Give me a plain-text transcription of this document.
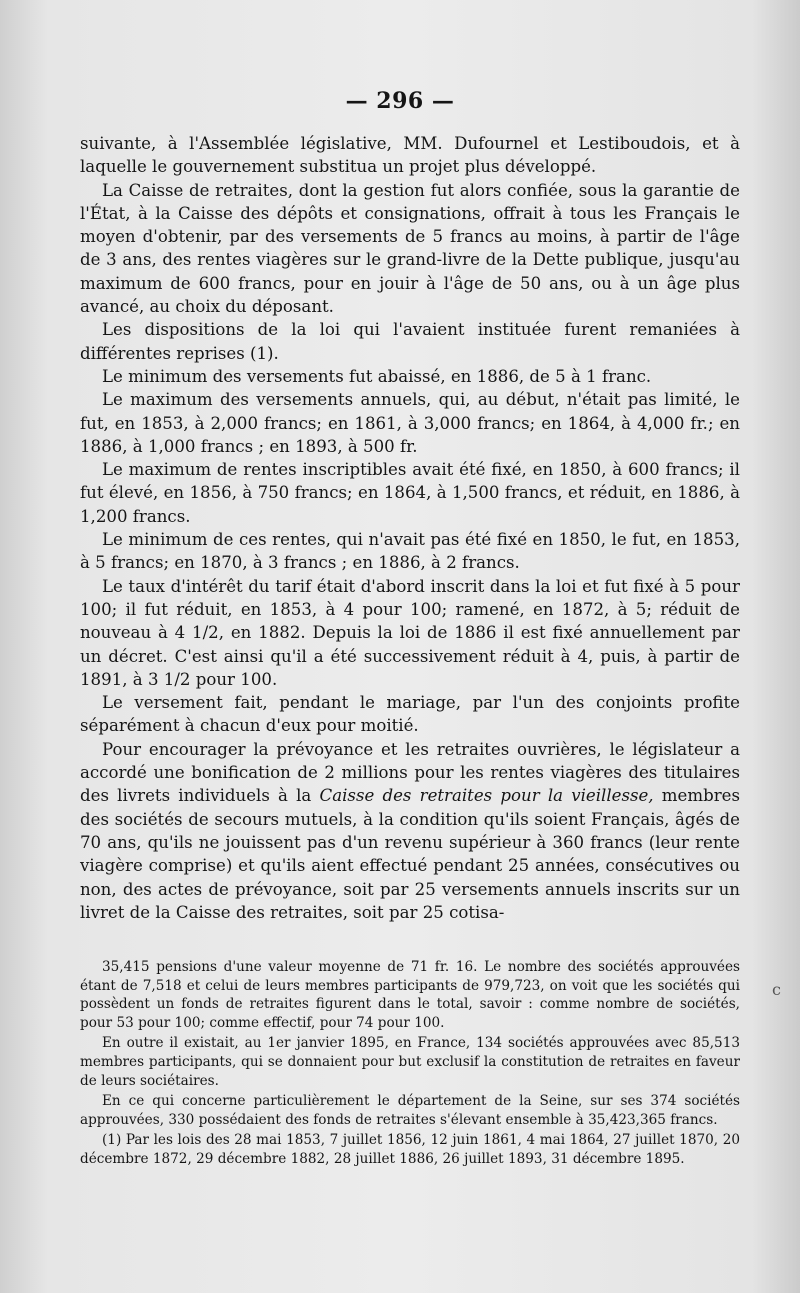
— 296 —

suivante, à l'Assemblée législative, MM. Dufournel et Lestiboudois, et à laquelle le gouvernement substitua un projet plus développé.

La Caisse de retraites, dont la gestion fut alors confiée, sous la garantie de l'État, à la Caisse des dépôts et consignations, offrait à tous les Français le moyen d'obtenir, par des versements de 5 francs au moins, à partir de l'âge de 3 ans, des rentes viagères sur le grand-livre de la Dette publique, jusqu'au maximum de 600 francs, pour en jouir à l'âge de 50 ans, ou à un âge plus avancé, au choix du déposant.

Les dispositions de la loi qui l'avaient instituée furent remaniées à différentes reprises (1).

Le minimum des versements fut abaissé, en 1886, de 5 à 1 franc.

Le maximum des versements annuels, qui, au début, n'était pas limité, le fut, en 1853, à 2,000 francs; en 1861, à 3,000 francs; en 1864, à 4,000 fr.; en 1886, à 1,000 francs ; en 1893, à 500 fr.

Le maximum de rentes inscriptibles avait été fixé, en 1850, à 600 francs; il fut élevé, en 1856, à 750 francs; en 1864, à 1,500 francs, et réduit, en 1886, à 1,200 francs.

Le minimum de ces rentes, qui n'avait pas été fixé en 1850, le fut, en 1853, à 5 francs; en 1870, à 3 francs ; en 1886, à 2 francs.

Le taux d'intérêt du tarif était d'abord inscrit dans la loi et fut fixé à 5 pour 100; il fut réduit, en 1853, à 4 pour 100; ramené, en 1872, à 5; réduit de nouveau à 4 1/2, en 1882. Depuis la loi de 1886 il est fixé annuellement par un décret. C'est ainsi qu'il a été successivement réduit à 4, puis, à partir de 1891, à 3 1/2 pour 100.

Le versement fait, pendant le mariage, par l'un des conjoints profite séparément à chacun d'eux pour moitié.

Pour encourager la prévoyance et les retraites ouvrières, le législateur a accordé une bonification de 2 millions pour les rentes viagères des titulaires des livrets individuels à la Caisse des retraites pour la vieillesse, membres des sociétés de secours mutuels, à la condition qu'ils soient Français, âgés de 70 ans, qu'ils ne jouissent pas d'un revenu supérieur à 360 francs (leur rente viagère comprise) et qu'ils aient effectué pendant 25 années, consécutives ou non, des actes de prévoyance, soit par 25 versements annuels inscrits sur un livret de la Caisse des retraites, soit par 25 cotisa-

35,415 pensions d'une valeur moyenne de 71 fr. 16. Le nombre des sociétés approuvées étant de 7,518 et celui de leurs membres participants de 979,723, on voit que les sociétés qui possèdent un fonds de retraites figurent dans le total, savoir : comme nombre de sociétés, pour 53 pour 100; comme effectif, pour 74 pour 100.

En outre il existait, au 1er janvier 1895, en France, 134 sociétés approuvées avec 85,513 membres participants, qui se donnaient pour but exclusif la constitution de retraites en faveur de leurs sociétaires.

En ce qui concerne particulièrement le département de la Seine, sur ses 374 sociétés approuvées, 330 possédaient des fonds de retraites s'élevant ensemble à 35,423,365 francs.

(1) Par les lois des 28 mai 1853, 7 juillet 1856, 12 juin 1861, 4 mai 1864, 27 juillet 1870, 20 décembre 1872, 29 décembre 1882, 28 juillet 1886, 26 juillet 1893, 31 décembre 1895.

c
